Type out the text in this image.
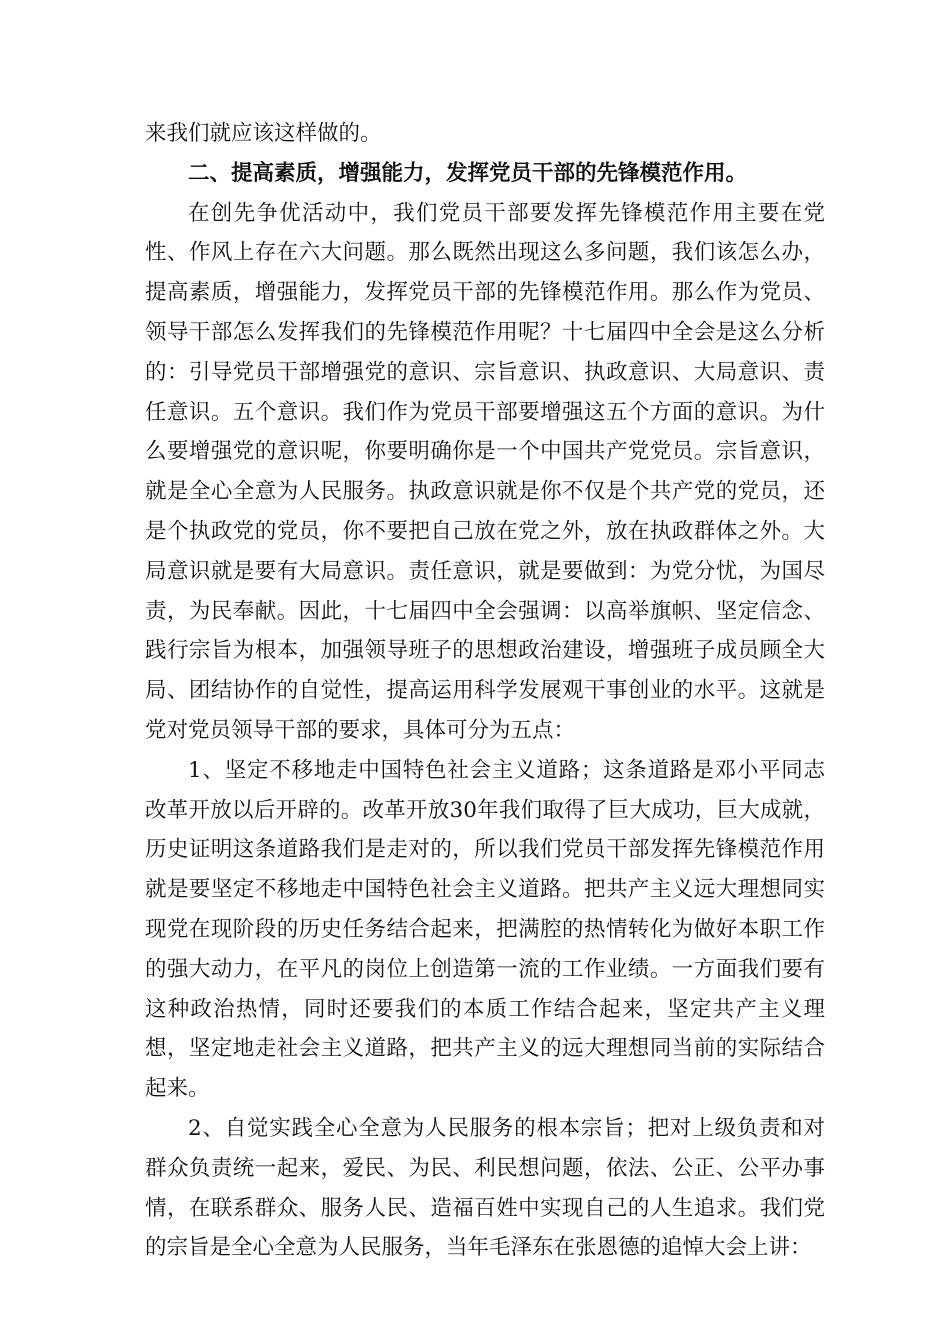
来我们就应该这样做的。

二、提高素质，增强能力，发挥党员干部的先锋模范作用。

在创先争优活动中，我们党员干部要发挥先锋模范作用主要在党性、作风上存在六大问题。那么既然出现这么多问题，我们该怎么办，提高素质，增强能力，发挥党员干部的先锋模范作用。那么作为党员、领导干部怎么发挥我们的先锋模范作用呢？十七届四中全会是这么分析的：引导党员干部增强党的意识、宗旨意识、执政意识、大局意识、责任意识。五个意识。我们作为党员干部要增强这五个方面的意识。为什么要增强党的意识呢，你要明确你是一个中国共产党党员。宗旨意识，就是全心全意为人民服务。执政意识就是你不仅是个共产党的党员，还是个执政党的党员，你不要把自己放在党之外，放在执政群体之外。大局意识就是要有大局意识。责任意识，就是要做到：为党分忧，为国尽责，为民奉献。因此，十七届四中全会强调：以高举旗帜、坚定信念、践行宗旨为根本，加强领导班子的思想政治建设，增强班子成员顾全大局、团结协作的自觉性，提高运用科学发展观干事创业的水平。这就是党对党员领导干部的要求，具体可分为五点：

1、坚定不移地走中国特色社会主义道路；这条道路是邓小平同志改革开放以后开辟的。改革开放30年我们取得了巨大成功，巨大成就，历史证明这条道路我们是走对的，所以我们党员干部发挥先锋模范作用就是要坚定不移地走中国特色社会主义道路。把共产主义远大理想同实现党在现阶段的历史任务结合起来，把满腔的热情转化为做好本职工作的强大动力，在平凡的岗位上创造第一流的工作业绩。一方面我们要有这种政治热情，同时还要我们的本质工作结合起来，坚定共产主义理想，坚定地走社会主义道路，把共产主义的远大理想同当前的实际结合起来。

2、自觉实践全心全意为人民服务的根本宗旨；把对上级负责和对群众负责统一起来，爱民、为民、利民想问题，依法、公正、公平办事情，在联系群众、服务人民、造福百姓中实现自己的人生追求。我们党的宗旨是全心全意为人民服务，当年毛泽东在张恩德的追悼大会上讲：
